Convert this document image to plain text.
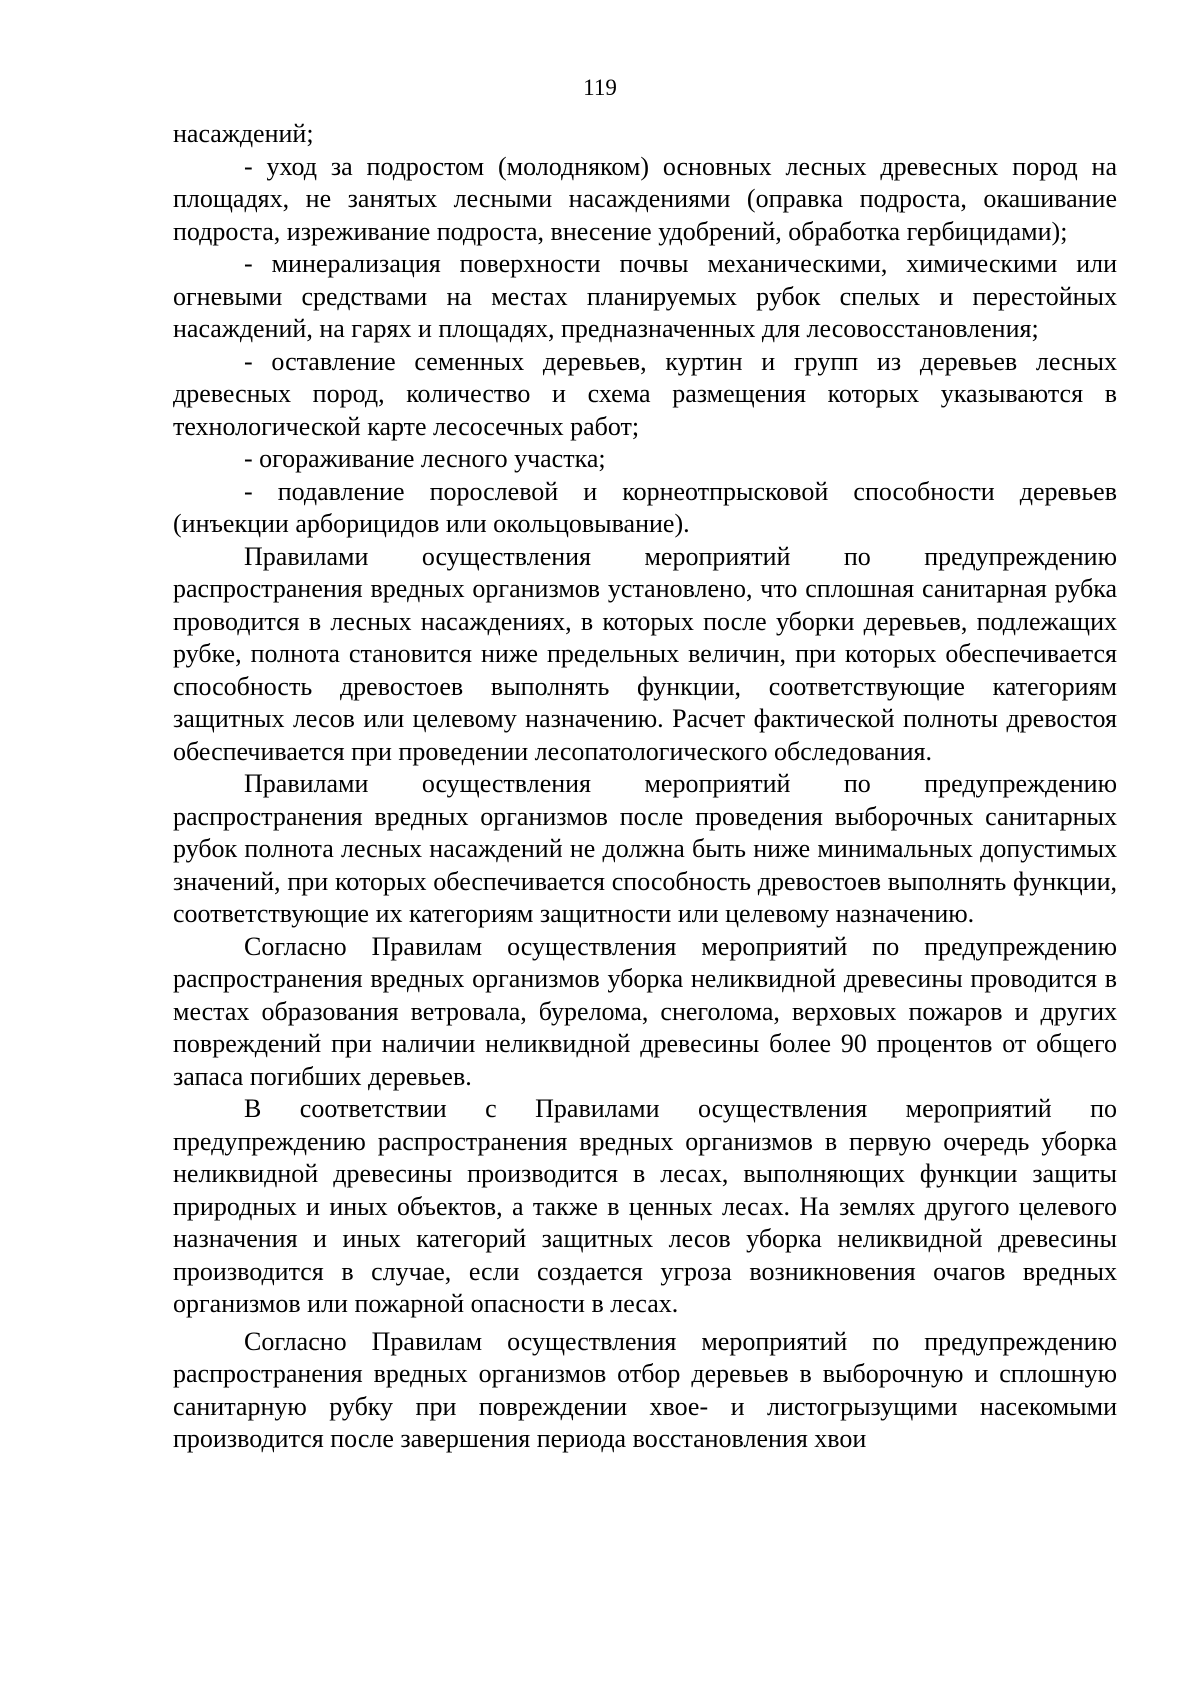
119

насаждений;

- уход за подростом (молодняком) основных лесных древесных пород на площадях, не занятых лесными насаждениями (оправка подроста, окашивание подроста, изреживание подроста, внесение удобрений, обработка гербицидами);

- минерализация поверхности почвы механическими, химическими или огневыми средствами на местах планируемых рубок спелых и перестойных насаждений, на гарях и площадях, предназначенных для лесовосстановления;

- оставление семенных деревьев, куртин и групп из деревьев лесных древесных пород, количество и схема размещения которых указываются в технологической карте лесосечных работ;

- огораживание лесного участка;

- подавление порослевой и корнеотпрысковой способности деревьев (инъекции арборицидов или окольцовывание).

Правилами осуществления мероприятий по предупреждению распространения вредных организмов установлено, что сплошная санитарная рубка проводится в лесных насаждениях, в которых после уборки деревьев, подлежащих рубке, полнота становится ниже предельных величин, при которых обеспечивается способность древостоев выполнять функции, соответствующие категориям защитных лесов или целевому назначению. Расчет фактической полноты древостоя обеспечивается при проведении лесопатологического обследования.

Правилами осуществления мероприятий по предупреждению распространения вредных организмов после проведения выборочных санитарных рубок полнота лесных насаждений не должна быть ниже минимальных допустимых значений, при которых обеспечивается способность древостоев выполнять функции, соответствующие их категориям защитности или целевому назначению.

Согласно Правилам осуществления мероприятий по предупреждению распространения вредных организмов уборка неликвидной древесины проводится в местах образования ветровала, бурелома, снеголома, верховых пожаров и других повреждений при наличии неликвидной древесины более 90 процентов от общего запаса погибших деревьев.

В соответствии с Правилами осуществления мероприятий по предупреждению распространения вредных организмов в первую очередь уборка неликвидной древесины производится в лесах, выполняющих функции защиты природных и иных объектов, а также в ценных лесах. На землях другого целевого назначения и иных категорий защитных лесов уборка неликвидной древесины производится в случае, если создается угроза возникновения очагов вредных организмов или пожарной опасности в лесах.

Согласно Правилам осуществления мероприятий по предупреждению распространения вредных организмов отбор деревьев в выборочную и сплошную санитарную рубку при повреждении хвое- и листогрызущими насекомыми производится после завершения периода восстановления хвои
